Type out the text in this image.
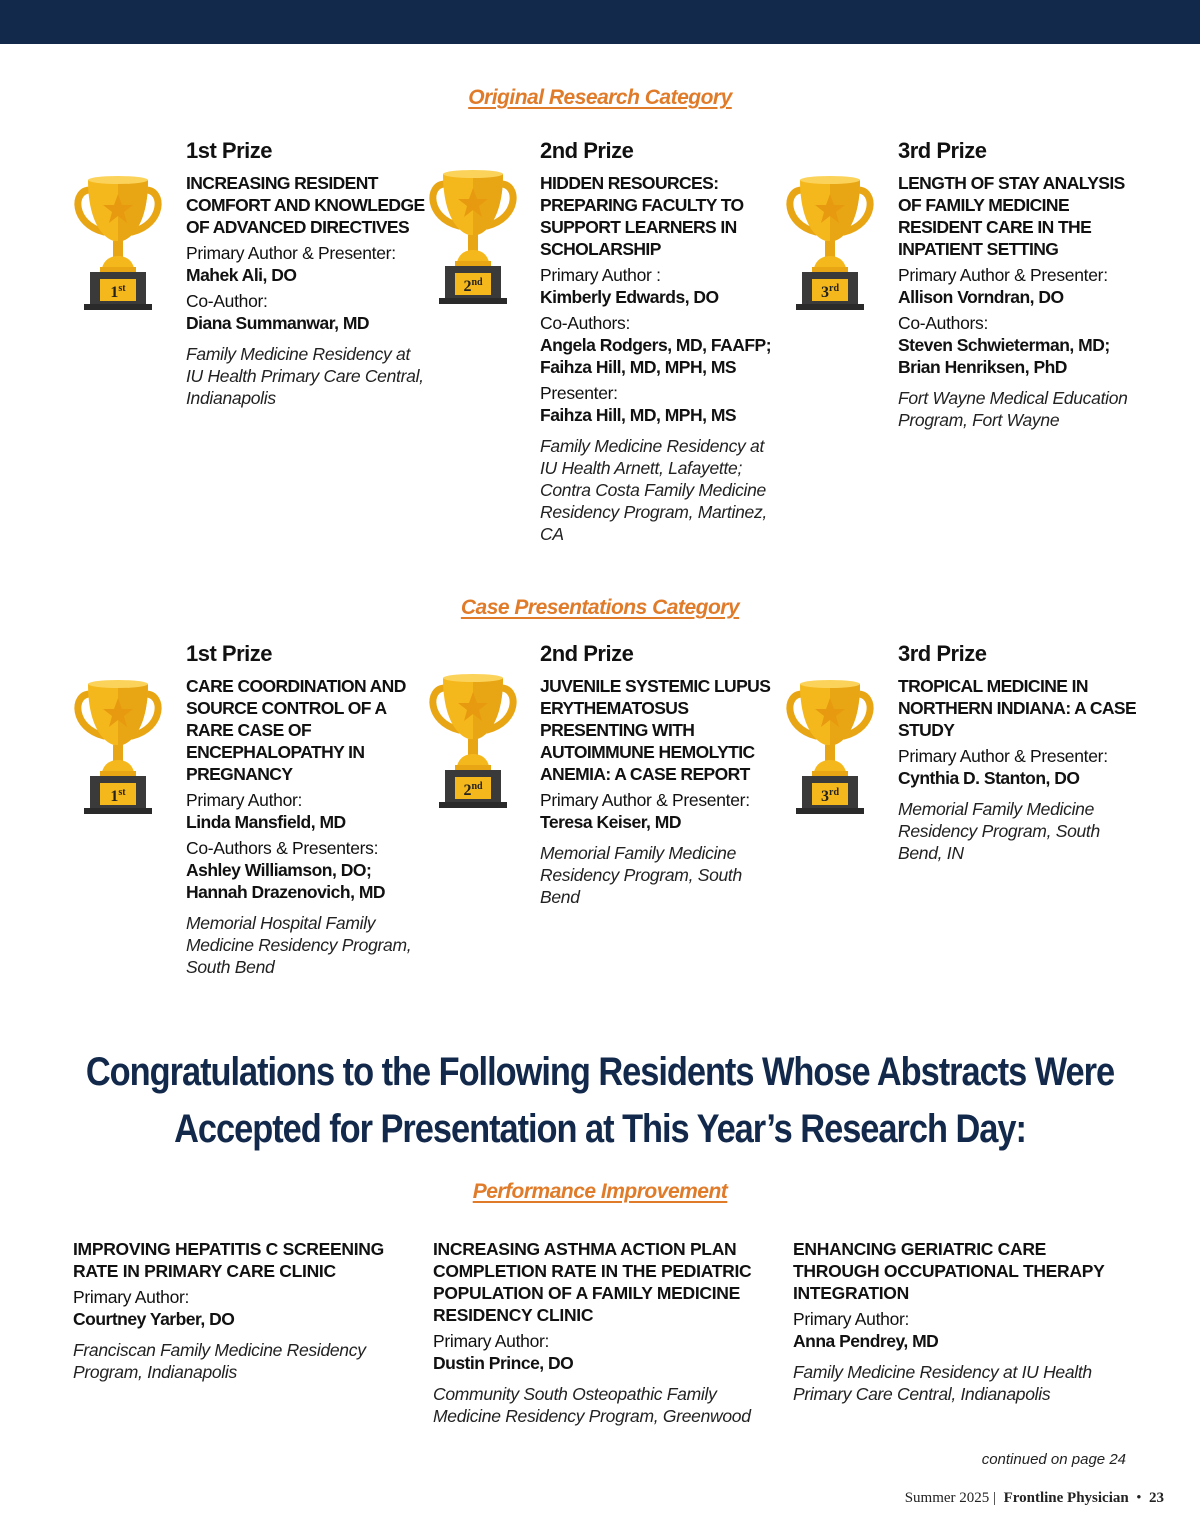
Original Research Category
1st
1st Prize
INCREASING RESIDENT COMFORT AND KNOWLEDGE OF ADVANCED DIRECTIVES
Primary Author & Presenter:
Mahek Ali, DO
Co-Author:
Diana Summanwar, MD
Family Medicine Residency at IU Health Primary Care Central, Indianapolis
2nd
2nd Prize
HIDDEN RESOURCES: PREPARING FACULTY TO SUPPORT LEARNERS IN SCHOLARSHIP
Primary Author :
Kimberly Edwards, DO
Co-Authors:
Angela Rodgers, MD, FAAFP; Faihza Hill, MD, MPH, MS
Presenter:
Faihza Hill, MD, MPH, MS
Family Medicine Residency at IU Health Arnett, Lafayette; Contra Costa Family Medicine Residency Program, Martinez, CA
3rd
3rd Prize
LENGTH OF STAY ANALYSIS OF FAMILY MEDICINE RESIDENT CARE IN THE INPATIENT SETTING
Primary Author & Presenter:
Allison Vorndran, DO
Co-Authors:
Steven Schwieterman, MD; Brian Henriksen, PhD
Fort Wayne Medical Education Program, Fort Wayne
Case Presentations Category
1st
1st Prize
CARE COORDINATION AND SOURCE CONTROL OF A RARE CASE OF ENCEPHALOPATHY IN PREGNANCY
Primary Author:
Linda Mansfield, MD
Co-Authors & Presenters:
Ashley Williamson, DO; Hannah Drazenovich, MD
Memorial Hospital Family Medicine Residency Program, South Bend
2nd
2nd Prize
JUVENILE SYSTEMIC LUPUS ERYTHEMATOSUS PRESENTING WITH AUTOIMMUNE HEMOLYTIC ANEMIA: A CASE REPORT
Primary Author & Presenter:
Teresa Keiser, MD
Memorial Family Medicine Residency Program, South Bend
3rd
3rd Prize
TROPICAL MEDICINE IN NORTHERN INDIANA: A CASE STUDY
Primary Author & Presenter:
Cynthia D. Stanton, DO
Memorial Family Medicine Residency Program, South Bend, IN
Congratulations to the Following Residents Whose Abstracts Were
Accepted for Presentation at This Year’s Research Day:
Performance Improvement
IMPROVING HEPATITIS C SCREENING RATE IN PRIMARY CARE CLINIC
Primary Author:
Courtney Yarber, DO
Franciscan Family Medicine Residency Program, Indianapolis
INCREASING ASTHMA ACTION PLAN COMPLETION RATE IN THE PEDIATRIC POPULATION OF A FAMILY MEDICINE RESIDENCY CLINIC
Primary Author:
Dustin Prince, DO
Community South Osteopathic Family Medicine Residency Program, Greenwood
ENHANCING GERIATRIC CARE THROUGH OCCUPATIONAL THERAPY INTEGRATION
Primary Author:
Anna Pendrey, MD
Family Medicine Residency at IU Health Primary Care Central, Indianapolis
continued on page 24
Summer 2025 |  Frontline Physician  •  23
